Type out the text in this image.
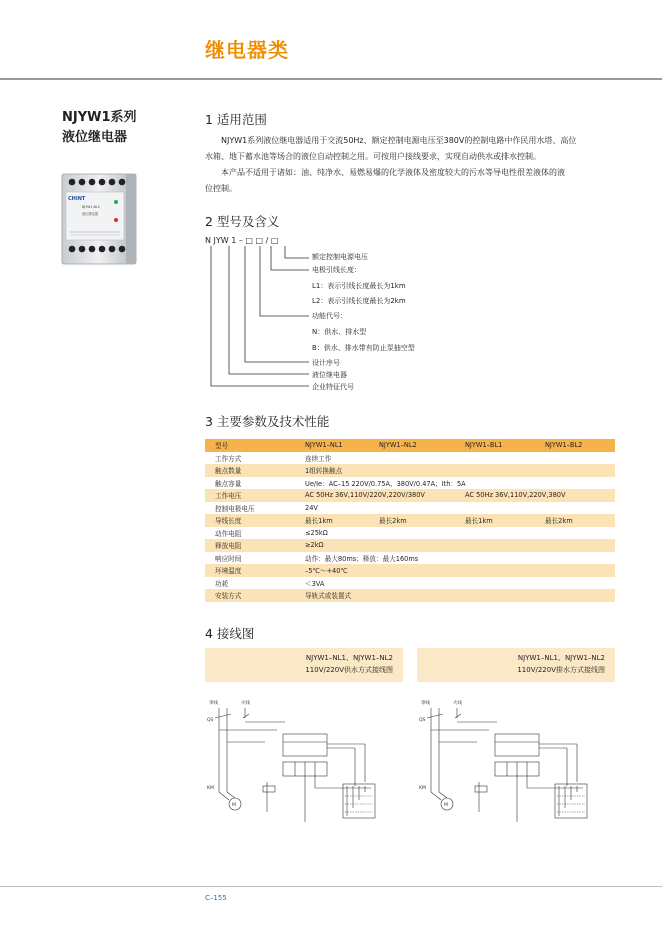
继电器类
NJYW1系列
液位继电器
CHINT
NJYW1-NL2
液位继电器
1 适用范围
NJYW1系列液位继电器适用于交流50Hz、额定控制电源电压至380V的控制电路中作民用水塔、高位
水箱、地下蓄水池等场合的液位自动控制之用。可按用户接线要求，实现自动供水或排水控制。
本产品不适用于诸如：油、纯净水、易燃易爆的化学液体及密度较大的污水等导电性很差液体的液
位控制。
2 型号及含义
N JYW 1 – □ □ / □
额定控制电源电压
电极引线长度：
L1：表示引线长度最长为1km
L2：表示引线长度最长为2km
功能代号：
N：供水、排水型
B：供水、排水带有防止泵抽空型
设计序号
液位继电器
企业特征代号
3 主要参数及技术性能
型号	NJYW1–NL1	NJYW1–NL2	NJYW1–BL1	NJYW1–BL2
工作方式	连续工作			
触点数量	1组转换触点			
触点容量	Ue/Ie：AC–15 220V/0.75A、380V/0.47A；Ith：5A			
工作电压	AC 50Hz 36V,110V/220V,220V/380V		AC 50Hz 36V,110V,220V,380V	
控制电极电压	24V			
导线长度	最长1km	最长2km	最长1km	最长2km
动作电阻	≤25kΩ			
释放电阻	≥2kΩ			
响应时间	动作：最大80ms；释放：最大160ms			
环境温度	–5℃～+40℃			
功耗	＜3VA			
安装方式	导轨式或装置式			
4 接线图
NJYW1–NL1、NJYW1–NL2
110V/220V供水方式接线图
零线	火线
QS
KM
M
NJYW1–NL1、NJYW1–NL2
110V/220V排水方式接线图
零线	火线
QS
KM
M
C–155
